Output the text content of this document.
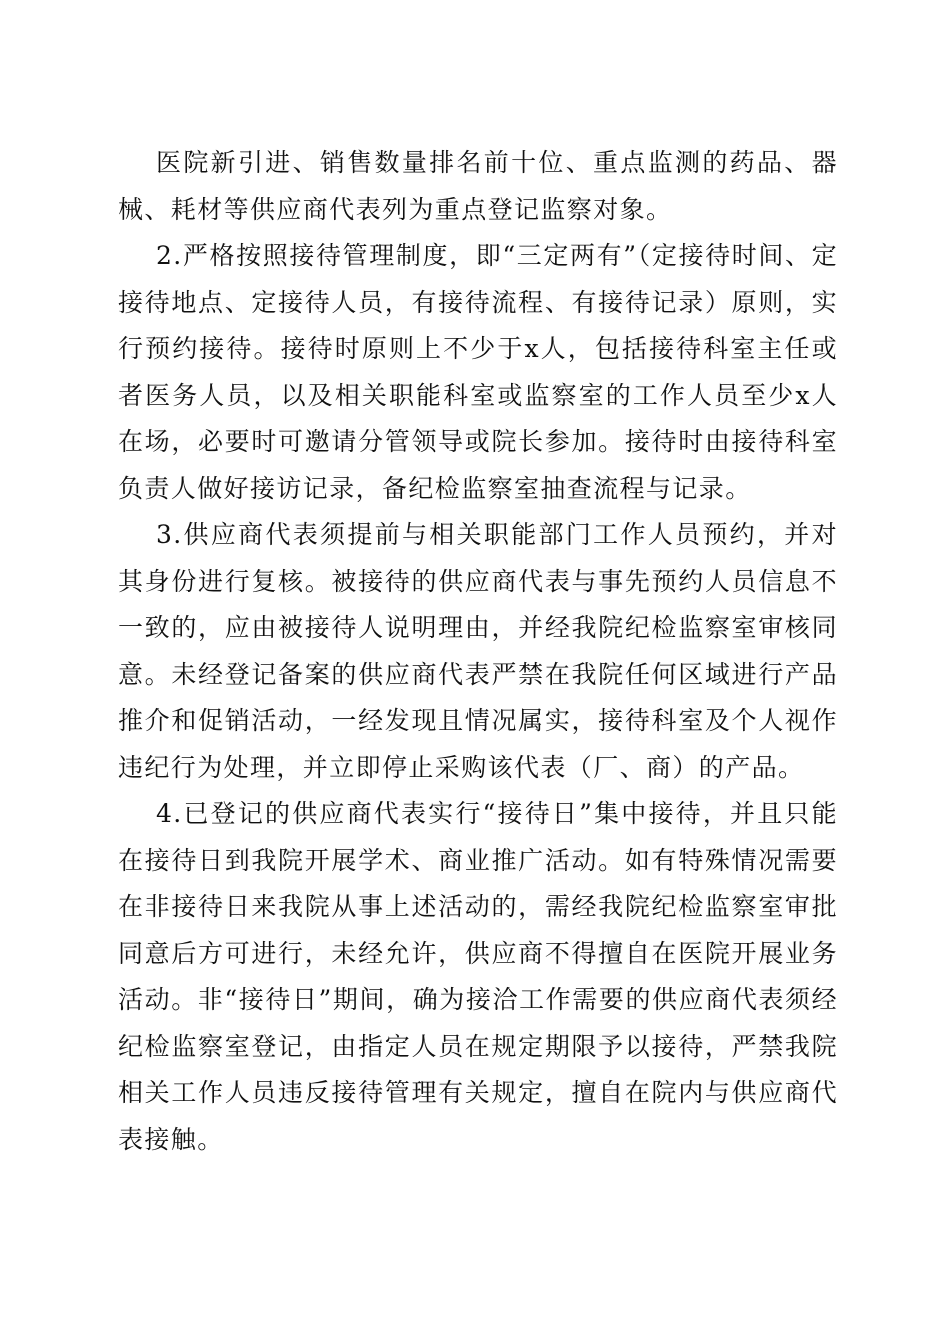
医院新引进、销售数量排名前十位、重点监测的药品、器械、耗材等供应商代表列为重点登记监察对象。

2.严格按照接待管理制度，即“三定两有”（定接待时间、定接待地点、定接待人员，有接待流程、有接待记录）原则，实行预约接待。接待时原则上不少于x人，包括接待科室主任或者医务人员，以及相关职能科室或监察室的工作人员至少x人在场，必要时可邀请分管领导或院长参加。接待时由接待科室负责人做好接访记录，备纪检监察室抽查流程与记录。

3.供应商代表须提前与相关职能部门工作人员预约，并对其身份进行复核。被接待的供应商代表与事先预约人员信息不一致的，应由被接待人说明理由，并经我院纪检监察室审核同意。未经登记备案的供应商代表严禁在我院任何区域进行产品推介和促销活动，一经发现且情况属实，接待科室及个人视作违纪行为处理，并立即停止采购该代表（厂、商）的产品。

4.已登记的供应商代表实行“接待日”集中接待，并且只能在接待日到我院开展学术、商业推广活动。如有特殊情况需要在非接待日来我院从事上述活动的，需经我院纪检监察室审批同意后方可进行，未经允许，供应商不得擅自在医院开展业务活动。非“接待日”期间，确为接洽工作需要的供应商代表须经纪检监察室登记，由指定人员在规定期限予以接待，严禁我院相关工作人员违反接待管理有关规定，擅自在院内与供应商代表接触。
